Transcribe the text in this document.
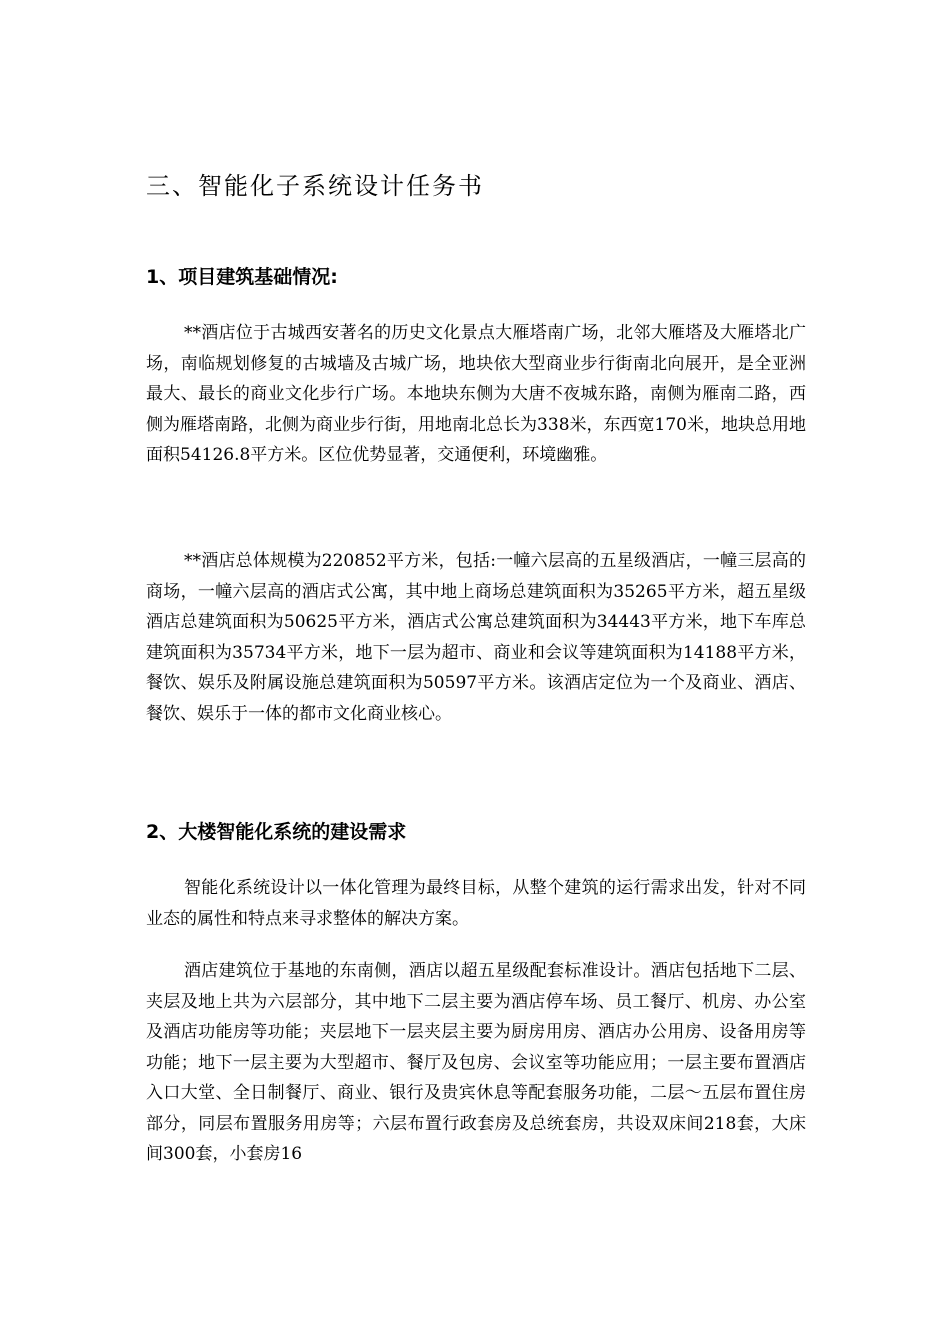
三、智能化子系统设计任务书
1、项目建筑基础情况:

**酒店位于古城西安著名的历史文化景点大雁塔南广场，北邻大雁塔及大雁塔北广场，南临规划修复的古城墙及古城广场，地块依大型商业步行街南北向展开，是全亚洲最大、最长的商业文化步行广场。本地块东侧为大唐不夜城东路，南侧为雁南二路，西侧为雁塔南路，北侧为商业步行街，用地南北总长为338米，东西宽170米，地块总用地面积54126.8平方米。区位优势显著，交通便利，环境幽雅。

**酒店总体规模为220852平方米，包括:一幢六层高的五星级酒店，一幢三层高的商场，一幢六层高的酒店式公寓，其中地上商场总建筑面积为35265平方米，超五星级酒店总建筑面积为50625平方米，酒店式公寓总建筑面积为34443平方米，地下车库总建筑面积为35734平方米，地下一层为超市、商业和会议等建筑面积为14188平方米，餐饮、娱乐及附属设施总建筑面积为50597平方米。该酒店定位为一个及商业、酒店、餐饮、娱乐于一体的都市文化商业核心。

2、大楼智能化系统的建设需求

智能化系统设计以一体化管理为最终目标，从整个建筑的运行需求出发，针对不同业态的属性和特点来寻求整体的解决方案。

酒店建筑位于基地的东南侧，酒店以超五星级配套标准设计。酒店包括地下二层、夹层及地上共为六层部分，其中地下二层主要为酒店停车场、员工餐厅、机房、办公室及酒店功能房等功能；夹层地下一层夹层主要为厨房用房、酒店办公用房、设备用房等功能；地下一层主要为大型超市、餐厅及包房、会议室等功能应用；一层主要布置酒店入口大堂、全日制餐厅、商业、银行及贵宾休息等配套服务功能，二层～五层布置住房部分，同层布置服务用房等；六层布置行政套房及总统套房，共设双床间218套，大床间300套，小套房16
